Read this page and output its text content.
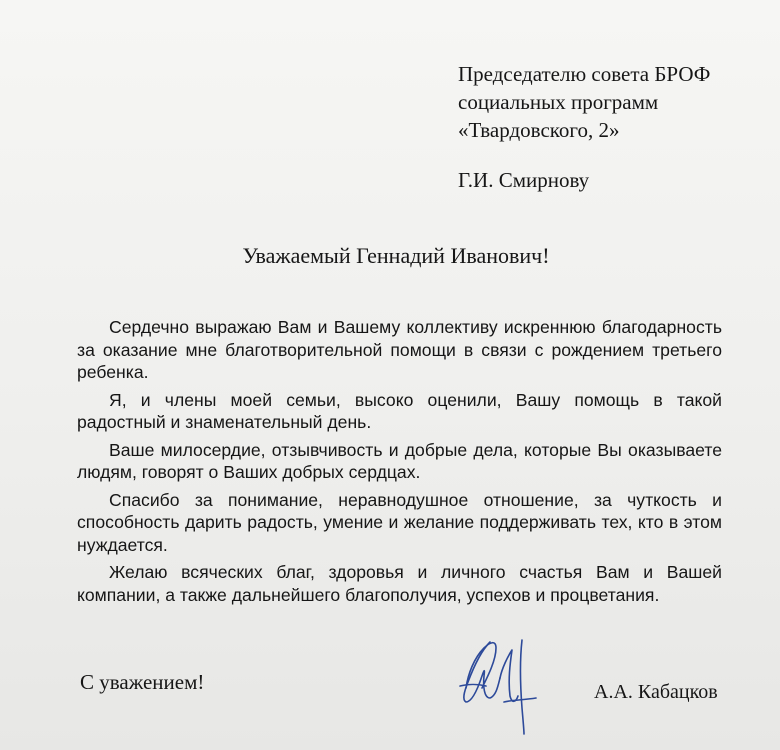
Председателю совета БРОФ
социальных программ
«Твардовского, 2»
Г.И. Смирнову
Уважаемый Геннадий Иванович!

Сердечно выражаю Вам и Вашему коллективу искреннюю благодарность за оказание мне благотворительной помощи в связи с рождением третьего ребенка.

Я, и члены моей семьи, высоко оценили, Вашу помощь в такой радостный и знаменательный день.

Ваше милосердие, отзывчивость и добрые дела, которые Вы оказываете людям, говорят о Ваших добрых сердцах.

Спасибо за понимание, неравнодушное отношение, за чуткость и способность дарить радость, умение и желание поддерживать тех, кто в этом нуждается.

Желаю всяческих благ, здоровья и личного счастья Вам и Вашей компании, а также дальнейшего благополучия, успехов и процветания.

С уважением!	А.А. Кабацков
